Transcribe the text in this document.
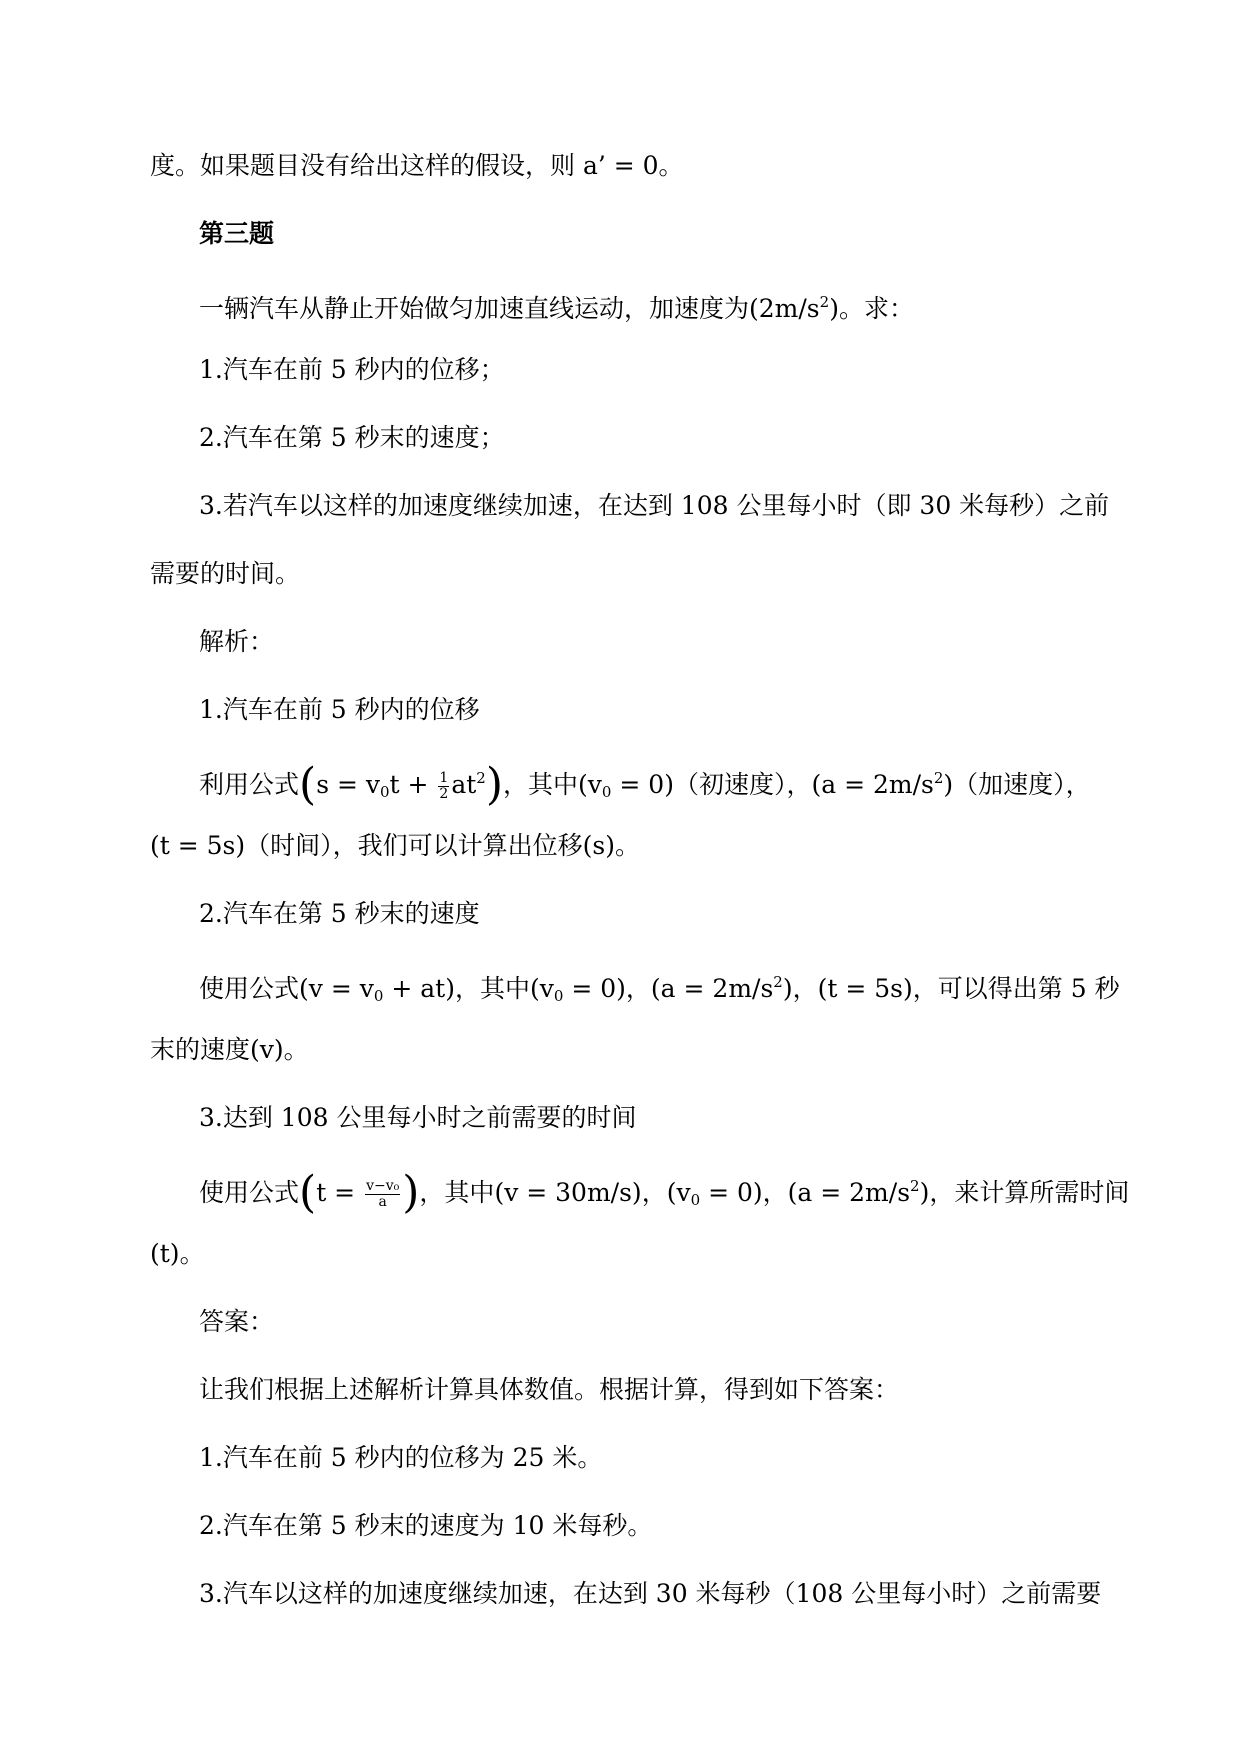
度。如果题目没有给出这样的假设，则 a’ = 0。
第三题
一辆汽车从静止开始做匀加速直线运动，加速度为$(2m/s^2)$。求：
1.汽车在前 5 秒内的位移；
2.汽车在第 5 秒末的速度；
3.若汽车以这样的加速度继续加速，在达到 108 公里每小时（即 30 米每秒）之前
需要的时间。
解析：
1.汽车在前 5 秒内的位移
利用公式$(s = v_0t + \frac{1}{2} at^2)$，其中$(v_0 = 0)$（初速度），$(a = 2m/s^2)$（加速度），
(t = 5s)（时间），我们可以计算出位移(s)。
2.汽车在第 5 秒末的速度
使用公式$(v = v_0 + at)$，其中$(v_0 = 0)$，$(a = 2m/s^2)$，(t = 5s)，可以得出第 5 秒
末的速度(v)。
3.达到 108 公里每小时之前需要的时间
使用公式($t = \frac{\text{v−v₀}}{a}$ )，其中(v = 30m/s)，$(v_0 = 0)$，$(a = 2m/s^2)$，来计算所需时间
(t)。
答案：
让我们根据上述解析计算具体数值。根据计算，得到如下答案：
1.汽车在前 5 秒内的位移为 25 米。
2.汽车在第 5 秒末的速度为 10 米每秒。
3.汽车以这样的加速度继续加速，在达到 30 米每秒（108 公里每小时）之前需要
